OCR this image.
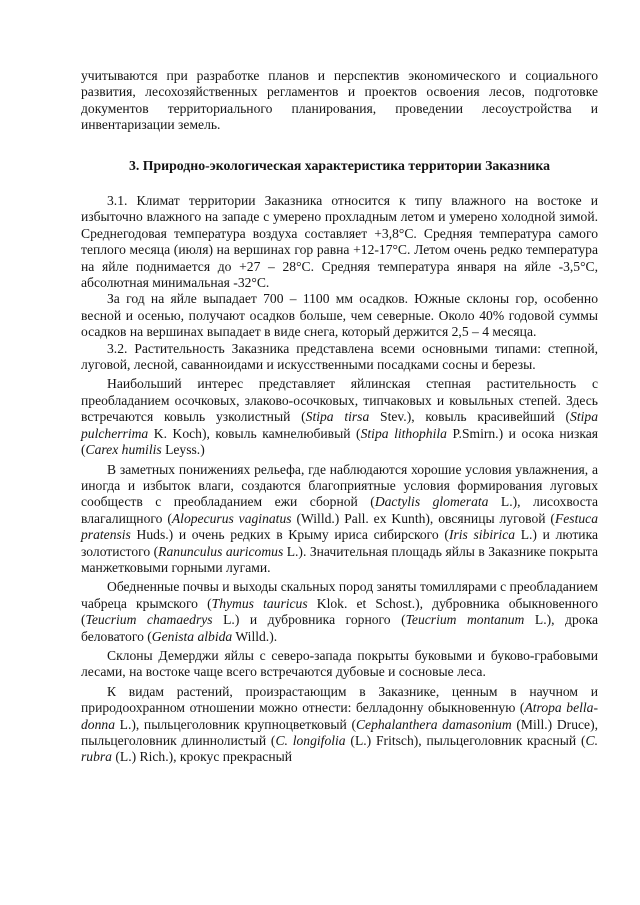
учитываются при разработке планов и перспектив экономического и социального развития, лесохозяйственных регламентов и проектов освоения лесов, подготовке документов территориального планирования, проведении лесоустройства и инвентаризации земель.

3. Природно-экологическая характеристика территории Заказника

3.1. Климат территории Заказника относится к типу влажного на востоке и избыточно влажного на западе с умерено прохладным летом и умерено холодной зимой. Среднегодовая температура воздуха составляет +3,8°С. Средняя температура самого теплого месяца (июля) на вершинах гор равна +12-17°С. Летом очень редко температура на яйле поднимается до +27 – 28°С. Средняя температура января на яйле -3,5°С, абсолютная минимальная -32°С.

За год на яйле выпадает 700 – 1100 мм осадков. Южные склоны гор, особенно весной и осенью, получают осадков больше, чем северные. Около 40% годовой суммы осадков на вершинах выпадает в виде снега, который держится 2,5 – 4 месяца.

3.2. Растительность Заказника представлена всеми основными типами: степной, луговой, лесной, саванноидами и искусственными посадками сосны и березы.

Наибольший интерес представляет яйлинская степная растительность с преобладанием осочковых, злаково-осочковых, типчаковых и ковыльных степей. Здесь встречаются ковыль узколистный (Stipa tirsa Stev.), ковыль красивейший (Stipa pulcherrima K. Koch), ковыль камнелюбивый (Stipa lithophila P.Smirn.) и осока низкая (Carex humilis Leyss.)

В заметных понижениях рельефа, где наблюдаются хорошие условия увлажнения, а иногда и избыток влаги, создаются благоприятные условия формирования луговых сообществ с преобладанием ежи сборной (Dactylis glomerata L.), лисохвоста влагалищного (Alopecurus vaginatus (Willd.) Pall. ex Kunth), овсяницы луговой (Festuca pratensis Huds.) и очень редких в Крыму ириса сибирского (Iris sibirica L.) и лютика золотистого (Ranunculus auricomus L.). Значительная площадь яйлы в Заказнике покрыта манжетковыми горными лугами.

Обедненные почвы и выходы скальных пород заняты томиллярами с преобладанием чабреца крымского (Thymus tauricus Klok. et Schost.), дубровника обыкновенного (Teucrium chamaedrys L.) и дубровника горного (Teucrium montanum L.), дрока беловатого (Genista albida Willd.).

Склоны Демерджи яйлы с северо-запада покрыты буковыми и буково-грабовыми лесами, на востоке чаще всего встречаются дубовые и сосновые леса.

К видам растений, произрастающим в Заказнике, ценным в научном и природоохранном отношении можно отнести: белладонну обыкновенную (Atropa bella-donna L.), пыльцеголовник крупноцветковый (Cephalanthera damasonium (Mill.) Druce), пыльцеголовник длиннолистый (C. longifolia (L.) Fritsch), пыльцеголовник красный (C. rubra (L.) Rich.), крокус прекрасный
